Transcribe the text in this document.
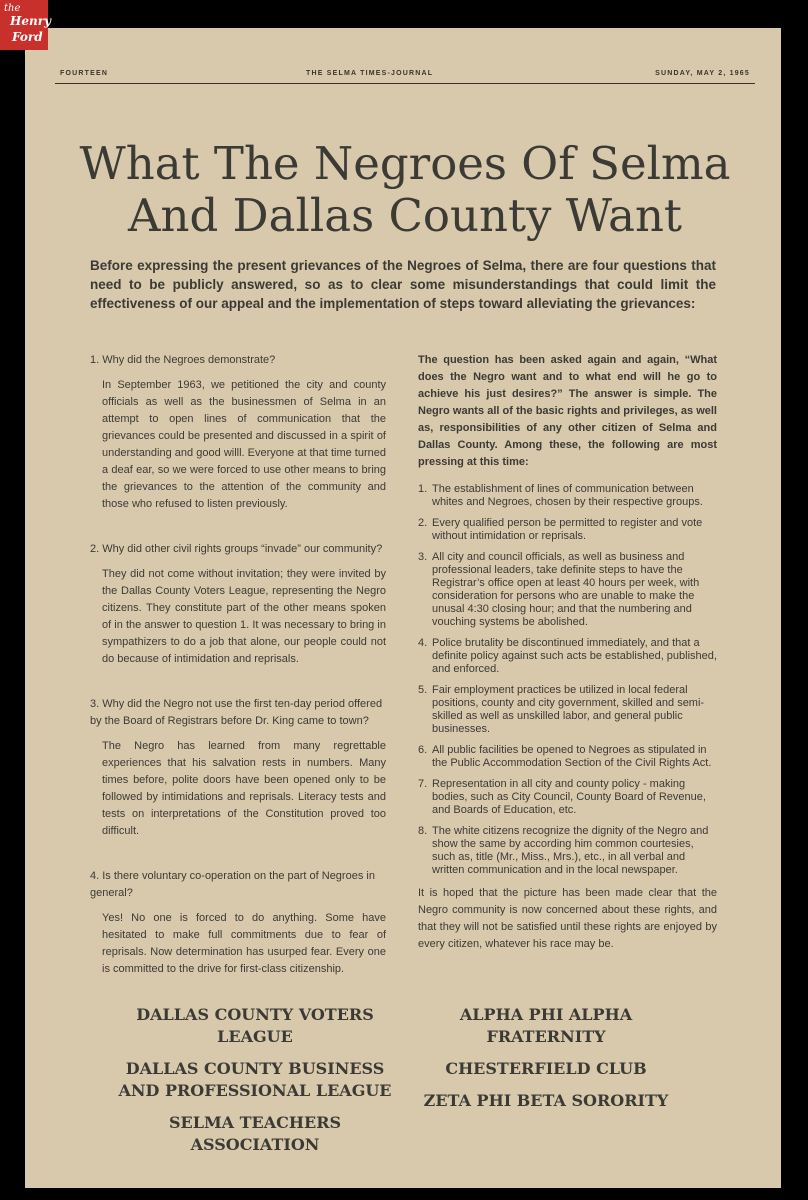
the
Henry
Ford
FOURTEEN	THE SELMA TIMES-JOURNAL	SUNDAY, MAY 2, 1965
What The Negroes Of Selma
And Dallas County Want
Before expressing the present grievances of the Negroes of Selma, there are four questions that need to be publicly answered, so as to clear some misunderstandings that could limit the effectiveness of our appeal and the implementation of steps toward alleviating the grievances:
1. Why did the Negroes demonstrate?
In September 1963, we petitioned the city and county officials as well as the businessmen of Selma in an attempt to open lines of communication that the grievances could be presented and discussed in a spirit of understanding and good willl. Everyone at that time turned a deaf ear, so we were forced to use other means to bring the grievances to the attention of the community and those who refused to listen previously.
2. Why did other civil rights groups “invade” our community?
They did not come without invitation; they were invited by the Dallas County Voters League, representing the Negro citizens. They constitute part of the other means spoken of in the answer to question 1. It was necessary to bring in sympathizers to do a job that alone, our people could not do because of intimidation and reprisals.
3. Why did the Negro not use the first ten-day period offered by the Board of Registrars before Dr. King came to town?
The Negro has learned from many regrettable experiences that his salvation rests in numbers. Many times before, polite doors have been opened only to be followed by intimidations and reprisals. Literacy tests and tests on interpretations of the Constitution proved too difficult.
4. Is there voluntary co-operation on the part of Negroes in general?
Yes! No one is forced to do anything. Some have hesitated to make full commitments due to fear of reprisals. Now determination has usurped fear. Every one is committed to the drive for first-class citizenship.
The question has been asked again and again, “What does the Negro want and to what end will he go to achieve his just desires?” The answer is simple. The Negro wants all of the basic rights and privileges, as well as, responsibilities of any other citizen of Selma and Dallas County. Among these, the following are most pressing at this time:
1. The establishment of lines of communication between whites and Negroes, chosen by their respective groups.
2. Every qualified person be permitted to register and vote without intimidation or reprisals.
3. All city and council officials, as well as business and professional leaders, take definite steps to have the Registrar’s office open at least 40 hours per week, with consideration for persons who are unable to make the unusal 4:30 closing hour; and that the numbering and vouching systems be abolished.
4. Police brutality be discontinued immediately, and that a definite policy against such acts be established, published, and enforced.
5. Fair employment practices be utilized in local federal positions, county and city government, skilled and semi-skilled as well as unskilled labor, and general public businesses.
6. All public facilities be opened to Negroes as stipulated in the Public Accommodation Section of the Civil Rights Act.
7. Representation in all city and county policy - making bodies, such as City Council, County Board of Revenue, and Boards of Education, etc.
8. The white citizens recognize the dignity of the Negro and show the same by according him common courtesies, such as, title (Mr., Miss., Mrs.), etc., in all verbal and written communication and in the local newspaper.
It is hoped that the picture has been made clear that the Negro community is now concerned about these rights, and that they will not be satisfied until these rights are enjoyed by every citizen, whatever his race may be.
DALLAS COUNTY VOTERS LEAGUE
DALLAS COUNTY BUSINESS AND PROFESSIONAL LEAGUE
SELMA TEACHERS ASSOCIATION
ALPHA PHI ALPHA FRATERNITY
CHESTERFIELD CLUB
ZETA PHI BETA SORORITY
